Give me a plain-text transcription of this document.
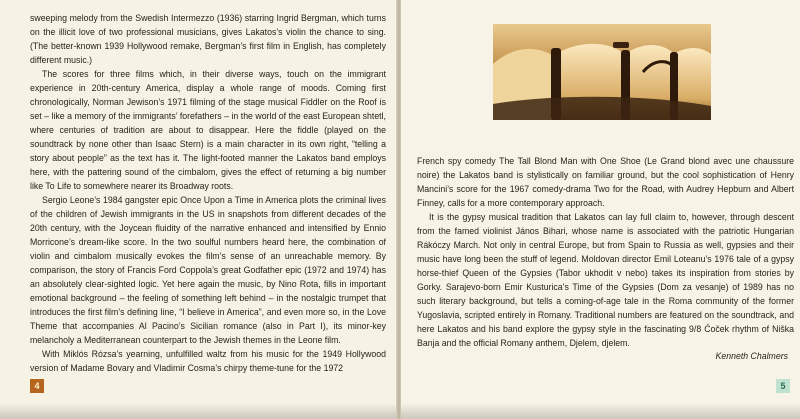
sweeping melody from the Swedish Intermezzo (1936) starring Ingrid Bergman, which turns on the illicit love of two professional musicians, gives Lakatos’s violin the chance to sing. (The better-known 1939 Hollywood remake, Bergman’s first film in English, has completely different music.)

The scores for three films which, in their diverse ways, touch on the immigrant experience in 20th-century America, display a whole range of moods. Coming first chronologically, Norman Jewison’s 1971 filming of the stage musical Fiddler on the Roof is set – like a memory of the immigrants’ forefathers – in the world of the east European shtetl, where centuries of tradition are about to disappear. Here the fiddle (played on the soundtrack by none other than Isaac Stern) is a main character in its own right, “telling a story about people” as the text has it. The light-footed manner the Lakatos band employs here, with the pattering sound of the cimbalom, gives the effect of returning a big number like To Life to somewhere nearer its Broadway roots.

Sergio Leone’s 1984 gangster epic Once Upon a Time in America plots the criminal lives of the children of Jewish immigrants in the US in snapshots from different decades of the 20th century, with the Joycean fluidity of the narrative enhanced and intensified by Ennio Morricone’s dream-like score. In the two soulful numbers heard here, the combination of violin and cimbalom musically evokes the film’s sense of an unreachable memory. By comparison, the story of Francis Ford Coppola’s great Godfather epic (1972 and 1974) has an absolutely clear-sighted logic. Yet here again the music, by Nino Rota, fills in important emotional background – the feeling of something left behind – in the nostalgic trumpet that introduces the first film’s defining line, “I believe in America”, and even more so, in the Love Theme that accompanies Al Pacino’s Sicilian romance (also in Part I), its minor-key melancholy a Mediterranean counterpart to the Jewish themes in the Leone film.

With Miklós Rózsa’s yearning, unfulfilled waltz from his music for the 1949 Hollywood version of Madame Bovary and Vladimir Cosma’s chirpy theme-tune for the 1972

4

French spy comedy The Tall Blond Man with One Shoe (Le Grand blond avec une chaussure noire) the Lakatos band is stylistically on familiar ground, but the cool sophistication of Henry Mancini’s score for the 1967 comedy-drama Two for the Road, with Audrey Hepburn and Albert Finney, calls for a more contemporary approach.

It is the gypsy musical tradition that Lakatos can lay full claim to, however, through descent from the famed violinist János Bihari, whose name is associated with the patriotic Hungarian Rákóczy March. Not only in central Europe, but from Spain to Russia as well, gypsies and their music have long been the stuff of legend. Moldovan director Emil Loteanu’s 1976 tale of a gypsy horse-thief Queen of the Gypsies (Tabor ukhodit v nebo) takes its inspiration from stories by Gorky. Sarajevo-born Emir Kusturica’s Time of the Gypsies (Dom za vesanje) of 1989 has no such literary background, but tells a coming-of-age tale in the Roma community of the former Yugoslavia, scripted entirely in Romany. Traditional numbers are featured on the soundtrack, and here Lakatos and his band explore the gypsy style in the fascinating 9/8 Ćoček rhythm of Niška Banja and the official Romany anthem, Djelem, djelem.

Kenneth Chalmers
5
